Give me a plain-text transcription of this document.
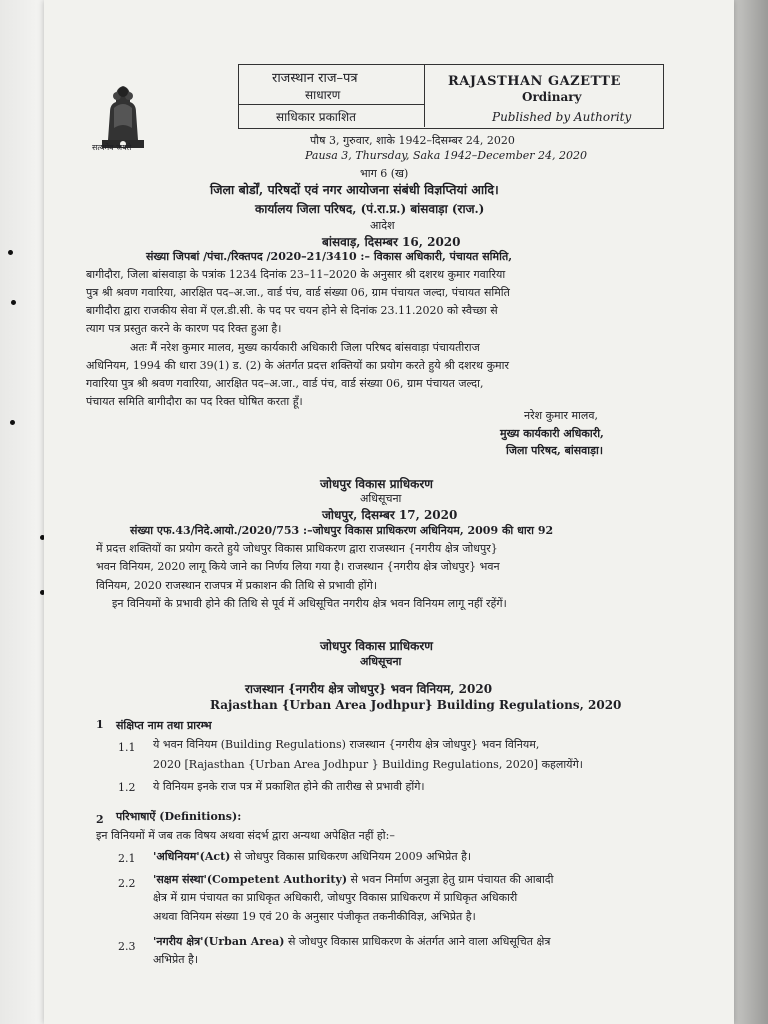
सत्यमेव जयते
राजस्थान राज–पत्र
साधारण
साधिकार प्रकाशित
RAJASTHAN GAZETTE
Ordinary
Published by Authority
पौष 3, गुरुवार, शाके 1942–दिसम्बर 24, 2020
Pausa 3, Thursday, Saka 1942–December 24, 2020
भाग 6 (ख)
जिला बोर्डों, परिषदों एवं नगर आयोजना संबंधी विज्ञप्तियां आदि।
कार्यालय जिला परिषद, (पं.रा.प्र.) बांसवाड़ा (राज.)
आदेश
बांसवाड़, दिसम्बर 16, 2020
संख्या जिपबां /पंचा./रिक्तपद /2020–21/3410 :– विकास अधिकारी, पंचायत समिति,
बागीदौरा, जिला बांसवाड़ा के पत्रांक 1234 दिनांक 23–11–2020 के अनुसार श्री दशरथ कुमार गवारिया
पुत्र श्री श्रवण गवारिया, आरक्षित पद–अ.जा., वार्ड पंच, वार्ड संख्या 06, ग्राम पंचायत जल्दा, पंचायत समिति
बागीदौरा द्वारा राजकीय सेवा में एल.डी.सी. के पद पर चयन होने से दिनांक 23.11.2020 को स्वैच्छा से
त्याग पत्र प्रस्तुत करने के कारण पद रिक्त हुआ है।
अतः मैं नरेश कुमार मालव, मुख्य कार्यकारी अधिकारी जिला परिषद बांसवाड़ा पंचायतीराज
अधिनियम, 1994 की धारा 39(1) ड. (2) के अंतर्गत प्रदत्त शक्तियों का प्रयोग करते हुये श्री दशरथ कुमार
गवारिया पुत्र श्री श्रवण गवारिया, आरक्षित पद–अ.जा., वार्ड पंच, वार्ड संख्या 06, ग्राम पंचायत जल्दा,
पंचायत समिति बागीदौरा का पद रिक्त घोषित करता हूँ।
नरेश कुमार मालव,
मुख्य कार्यकारी अधिकारी,
जिला परिषद, बांसवाड़ा।
जोधपुर विकास प्राधिकरण
अधिसूचना
जोधपुर, दिसम्बर 17, 2020
संख्या एफ.43/निदे.आयो./2020/753 :–जोधपुर विकास प्राधिकरण अधिनियम, 2009 की धारा 92
में प्रदत्त शक्तियों का प्रयोग करते हुये जोधपुर विकास प्राधिकरण द्वारा राजस्थान {नगरीय क्षेत्र जोधपुर}
भवन विनियम, 2020 लागू किये जाने का निर्णय लिया गया है। राजस्थान {नगरीय क्षेत्र जोधपुर} भवन
विनियम, 2020 राजस्थान राजपत्र में प्रकाशन की तिथि से प्रभावी होंगे।
इन विनियमों के प्रभावी होने की तिथि से पूर्व में अधिसूचित नगरीय क्षेत्र भवन विनियम लागू नहीं रहेंगें।
जोधपुर विकास प्राधिकरण
अधिसूचना
राजस्थान {नगरीय क्षेत्र जोधपुर} भवन विनियम, 2020
Rajasthan {Urban Area Jodhpur} Building Regulations, 2020
1 संक्षिप्त नाम तथा प्रारम्भ
1.1 ये भवन विनियम (Building Regulations) राजस्थान {नगरीय क्षेत्र जोधपुर} भवन विनियम,
2020 [Rajasthan {Urban Area Jodhpur } Building Regulations, 2020] कहलायेंगे।
1.2 ये विनियम इनके राज पत्र में प्रकाशित होने की तारीख से प्रभावी होंगे।
2 परिभाषाऐं (Definitions):
इन विनियमों में जब तक विषय अथवा संदर्भ द्वारा अन्यथा अपेक्षित नहीं हो:–
2.1 'अधिनियम'(Act) से जोधपुर विकास प्राधिकरण अधिनियम 2009 अभिप्रेत है।
2.2 'सक्षम संस्था'(Competent Authority) से भवन निर्माण अनुज्ञा हेतु ग्राम पंचायत की आबादी
क्षेत्र में ग्राम पंचायत का प्राधिकृत अधिकारी, जोधपुर विकास प्राधिकरण में प्राधिकृत अधिकारी
अथवा विनियम संख्या 19 एवं 20 के अनुसार पंजीकृत तकनीकीविज्ञ, अभिप्रेत है।
2.3 'नगरीय क्षेत्र'(Urban Area) से जोधपुर विकास प्राधिकरण के अंतर्गत आने वाला अधिसूचित क्षेत्र
अभिप्रेत है।
